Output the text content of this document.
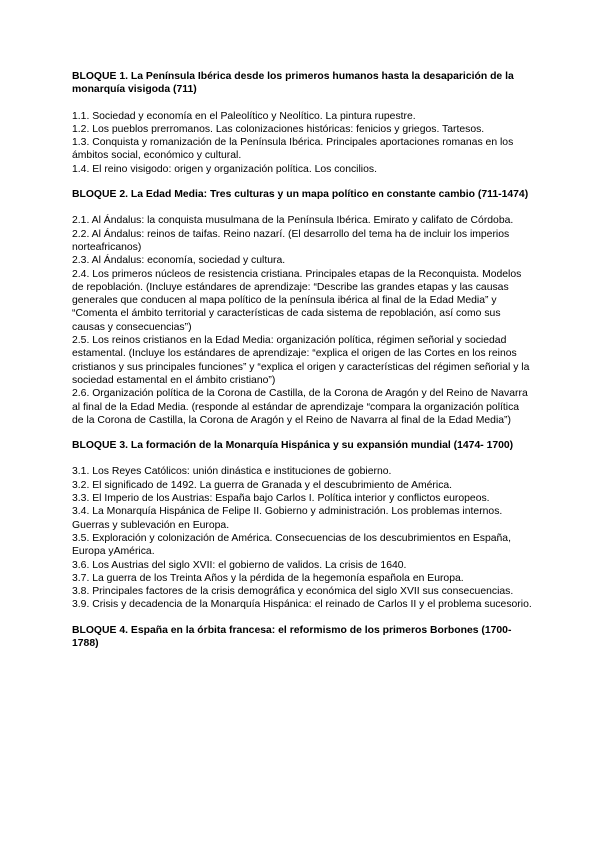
BLOQUE 1. La Península Ibérica desde los primeros humanos hasta la desaparición de la monarquía visigoda (711)

1.1. Sociedad y economía en el Paleolítico y Neolítico. La pintura rupestre.

1.2. Los pueblos prerromanos. Las colonizaciones históricas: fenicios y griegos. Tartesos.

1.3. Conquista y romanización de la Península Ibérica. Principales aportaciones romanas en los ámbitos social, económico y cultural.

1.4. El reino visigodo: origen y organización política. Los concilios.

BLOQUE 2. La Edad Media: Tres culturas y un mapa político en constante cambio (711-1474)

2.1. Al Ándalus: la conquista musulmana de la Península Ibérica. Emirato y califato de Córdoba.

2.2. Al Ándalus: reinos de taifas. Reino nazarí. (El desarrollo del tema ha de incluir los imperios norteafricanos)

2.3. Al Ándalus: economía, sociedad y cultura.

2.4. Los primeros núcleos de resistencia cristiana. Principales etapas de la Reconquista. Modelos de repoblación. (Incluye estándares de aprendizaje: “Describe las grandes etapas y las causas generales que conducen al mapa político de la península ibérica al final de la Edad Media” y “Comenta el ámbito territorial y características de cada sistema de repoblación, así como sus causas y consecuencias”)

2.5. Los reinos cristianos en la Edad Media: organización política, régimen señorial y sociedad estamental. (Incluye los estándares de aprendizaje: “explica el origen de las Cortes en los reinos cristianos y sus principales funciones” y “explica el origen y características del régimen señorial y la sociedad estamental en el ámbito cristiano”)

2.6. Organización política de la Corona de Castilla, de la Corona de Aragón y del Reino de Navarra al final de la Edad Media. (responde al estándar de aprendizaje “compara la organización política de la Corona de Castilla, la Corona de Aragón y el Reino de Navarra al final de la Edad Media”)

BLOQUE 3. La formación de la Monarquía Hispánica y su expansión mundial (1474- 1700)

3.1. Los Reyes Católicos: unión dinástica e instituciones de gobierno.

3.2. El significado de 1492. La guerra de Granada y el descubrimiento de América.

3.3. El Imperio de los Austrias: España bajo Carlos I. Política interior y conflictos europeos.

3.4. La Monarquía Hispánica de Felipe II. Gobierno y administración. Los problemas internos. Guerras y sublevación en Europa.

3.5. Exploración y colonización de América. Consecuencias de los descubrimientos en España, Europa yAmérica.

3.6. Los Austrias del siglo XVII: el gobierno de validos. La crisis de 1640.

3.7. La guerra de los Treinta Años y la pérdida de la hegemonía española en Europa.

3.8. Principales factores de la crisis demográfica y económica del siglo XVII sus consecuencias.

3.9. Crisis y decadencia de la Monarquía Hispánica: el reinado de Carlos II y el problema sucesorio.

BLOQUE 4. España en la órbita francesa: el reformismo de los primeros Borbones (1700-1788)
